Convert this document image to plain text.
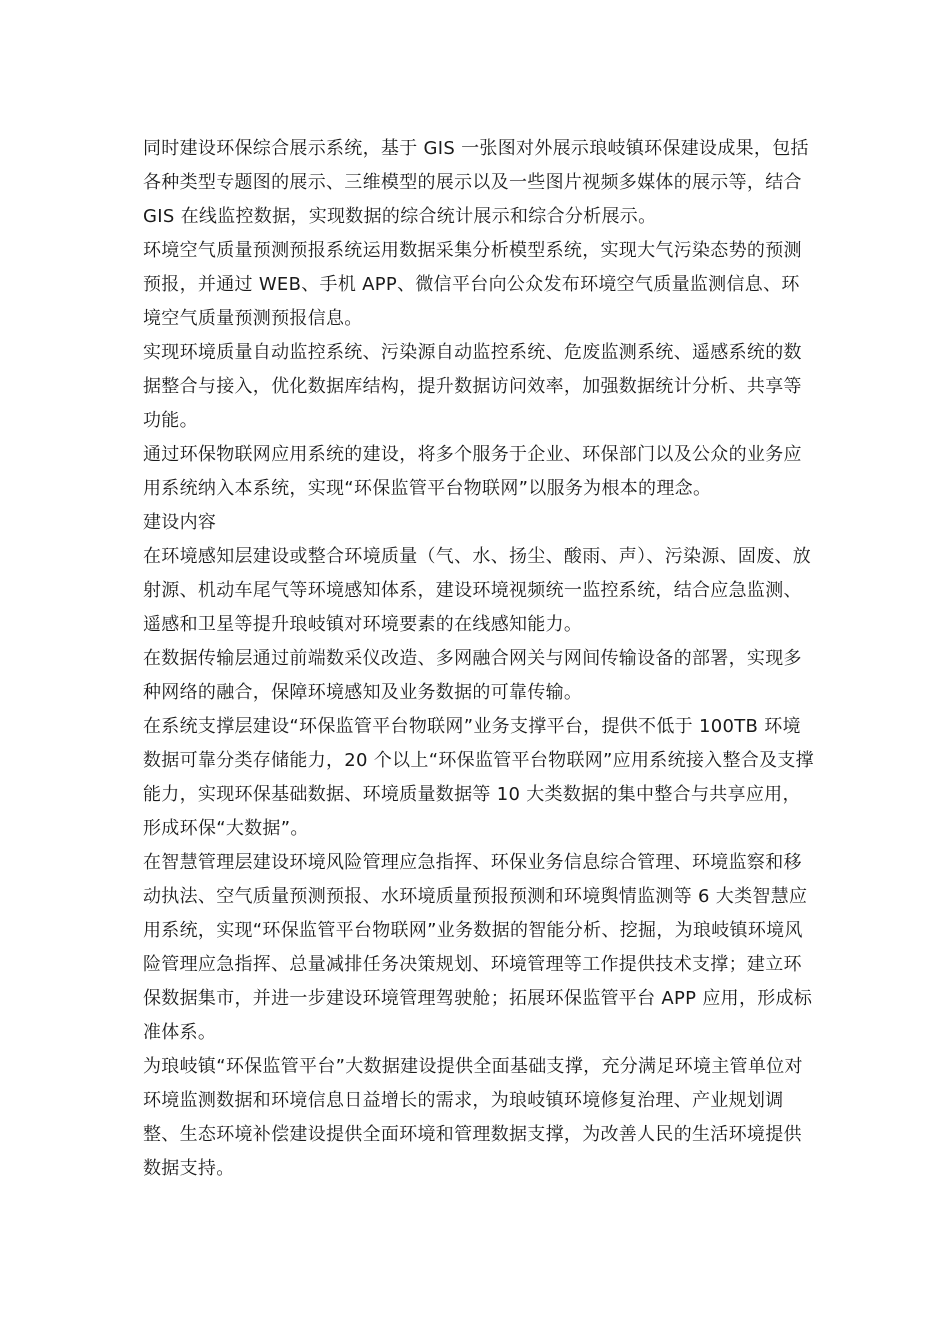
同时建设环保综合展示系统，基于 GIS 一张图对外展示琅岐镇环保建设成果，包括各种类型专题图的展示、三维模型的展示以及一些图片视频多媒体的展示等，结合 GIS 在线监控数据，实现数据的综合统计展示和综合分析展示。

环境空气质量预测预报系统运用数据采集分析模型系统，实现大气污染态势的预测预报，并通过 WEB、手机 APP、微信平台向公众发布环境空气质量监测信息、环境空气质量预测预报信息。

实现环境质量自动监控系统、污染源自动监控系统、危废监测系统、遥感系统的数据整合与接入，优化数据库结构，提升数据访问效率，加强数据统计分析、共享等功能。

通过环保物联网应用系统的建设，将多个服务于企业、环保部门以及公众的业务应用系统纳入本系统，实现“环保监管平台物联网”以服务为根本的理念。

建设内容

在环境感知层建设或整合环境质量（气、水、扬尘、酸雨、声）、污染源、固废、放射源、机动车尾气等环境感知体系，建设环境视频统一监控系统，结合应急监测、遥感和卫星等提升琅岐镇对环境要素的在线感知能力。

在数据传输层通过前端数采仪改造、多网融合网关与网间传输设备的部署，实现多种网络的融合，保障环境感知及业务数据的可靠传输。

在系统支撑层建设“环保监管平台物联网”业务支撑平台，提供不低于 100TB 环境数据可靠分类存储能力，20 个以上“环保监管平台物联网”应用系统接入整合及支撑能力，实现环保基础数据、环境质量数据等 10 大类数据的集中整合与共享应用，形成环保“大数据”。

在智慧管理层建设环境风险管理应急指挥、环保业务信息综合管理、环境监察和移动执法、空气质量预测预报、水环境质量预报预测和环境舆情监测等 6 大类智慧应用系统，实现“环保监管平台物联网”业务数据的智能分析、挖掘，为琅岐镇环境风险管理应急指挥、总量减排任务决策规划、环境管理等工作提供技术支撑；建立环保数据集市，并进一步建设环境管理驾驶舱；拓展环保监管平台 APP 应用，形成标准体系。

为琅岐镇“环保监管平台”大数据建设提供全面基础支撑，充分满足环境主管单位对环境监测数据和环境信息日益增长的需求，为琅岐镇环境修复治理、产业规划调整、生态环境补偿建设提供全面环境和管理数据支撑，为改善人民的生活环境提供数据支持。
